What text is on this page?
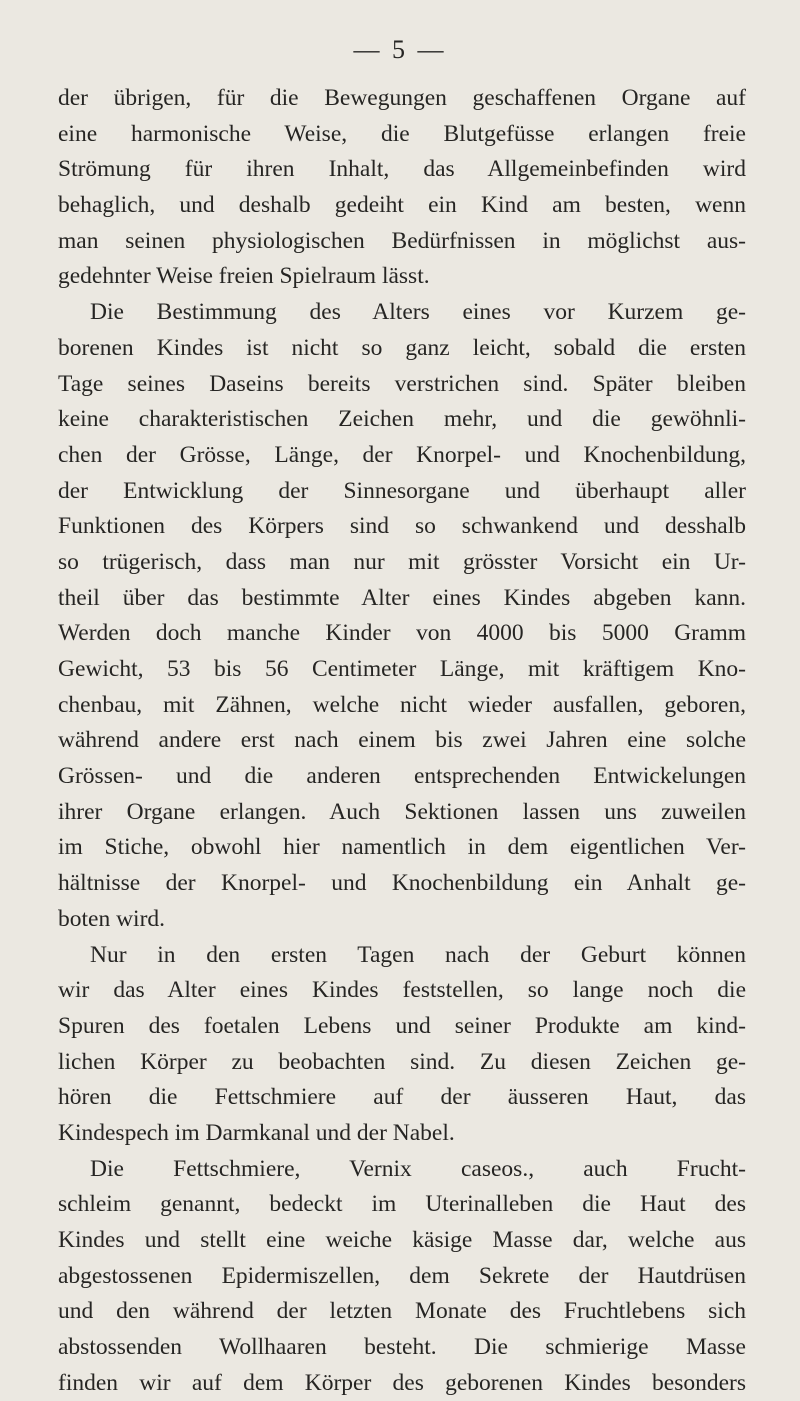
— 5 —
der übrigen, für die Bewegungen geschaffenen Organe auf
eine harmonische Weise, die Blutgefüsse erlangen freie
Strömung für ihren Inhalt, das Allgemeinbefinden wird
behaglich, und deshalb gedeiht ein Kind am besten, wenn
man seinen physiologischen Bedürfnissen in möglichst aus-
gedehnter Weise freien Spielraum lässt.
Die Bestimmung des Alters eines vor Kurzem ge-
borenen Kindes ist nicht so ganz leicht, sobald die ersten
Tage seines Daseins bereits verstrichen sind. Später bleiben
keine charakteristischen Zeichen mehr, und die gewöhnli-
chen der Grösse, Länge, der Knorpel- und Knochenbildung,
der Entwicklung der Sinnesorgane und überhaupt aller
Funktionen des Körpers sind so schwankend und desshalb
so trügerisch, dass man nur mit grösster Vorsicht ein Ur-
theil über das bestimmte Alter eines Kindes abgeben kann.
Werden doch manche Kinder von 4000 bis 5000 Gramm
Gewicht, 53 bis 56 Centimeter Länge, mit kräftigem Kno-
chenbau, mit Zähnen, welche nicht wieder ausfallen, geboren,
während andere erst nach einem bis zwei Jahren eine solche
Grössen- und die anderen entsprechenden Entwickelungen
ihrer Organe erlangen. Auch Sektionen lassen uns zuweilen
im Stiche, obwohl hier namentlich in dem eigentlichen Ver-
hältnisse der Knorpel- und Knochenbildung ein Anhalt ge-
boten wird.
Nur in den ersten Tagen nach der Geburt können
wir das Alter eines Kindes feststellen, so lange noch die
Spuren des foetalen Lebens und seiner Produkte am kind-
lichen Körper zu beobachten sind. Zu diesen Zeichen ge-
hören die Fettschmiere auf der äusseren Haut, das
Kindespech im Darmkanal und der Nabel.
Die Fettschmiere, Vernix caseos., auch Frucht-
schleim genannt, bedeckt im Uterinalleben die Haut des
Kindes und stellt eine weiche käsige Masse dar, welche aus
abgestossenen Epidermiszellen, dem Sekrete der Hautdrüsen
und den während der letzten Monate des Fruchtlebens sich
abstossenden Wollhaaren besteht. Die schmierige Masse
finden wir auf dem Körper des geborenen Kindes besonders
